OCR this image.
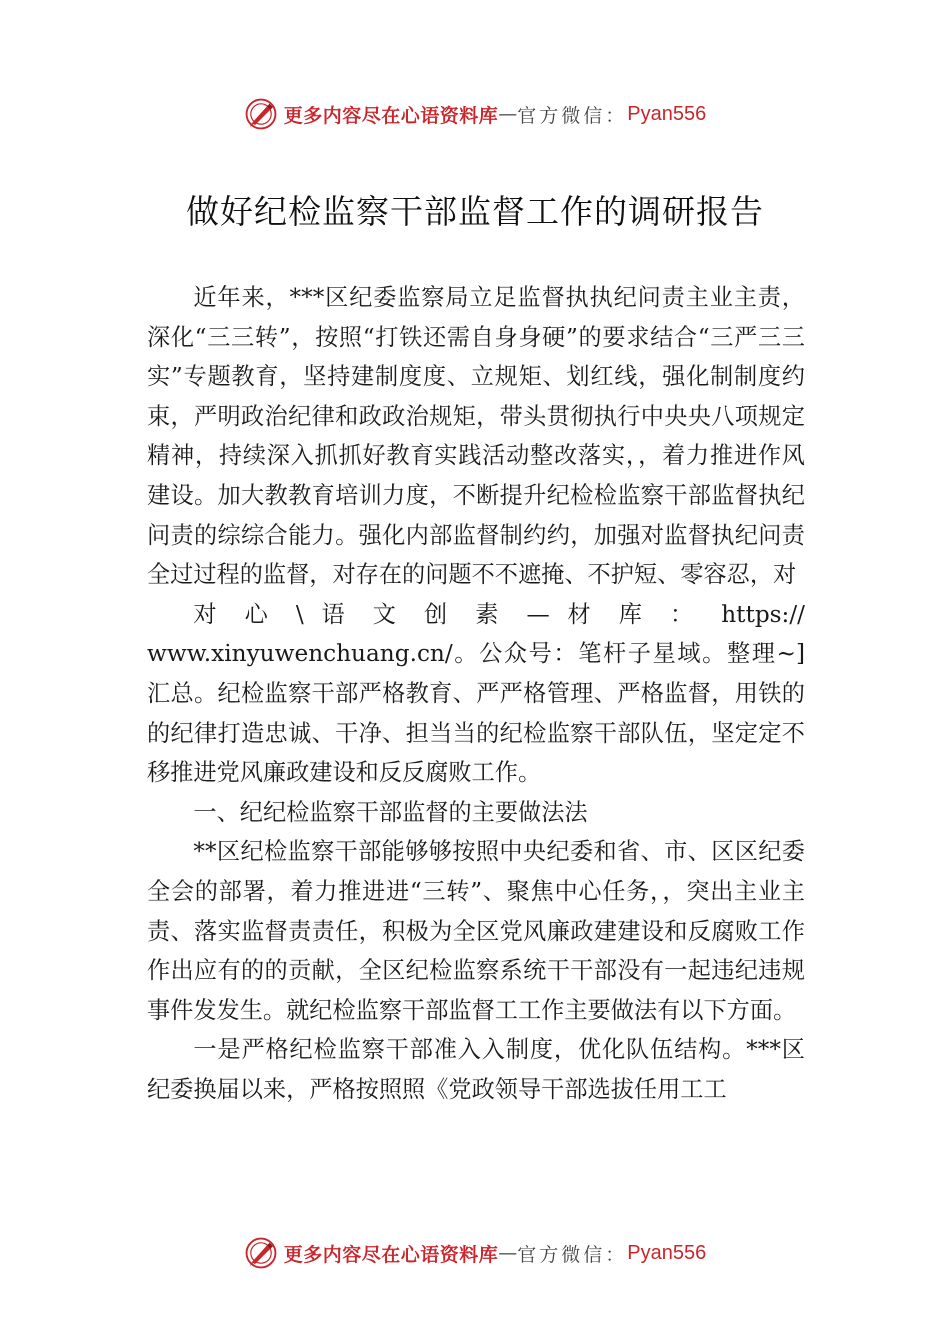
更多内容尽在心语资料库 — 官方微信： Pyan556
做好纪检监察干部监督工作的调研报告

近年来，***区纪委监察局立足监督执执纪问责主业主责，深化“三三转”，按照“打铁还需自身身硬”的要求结合“三严三三实”专题教育，坚持建制度度、立规矩、划红线，强化制制度约束，严明政治纪律和政政治规矩，带头贯彻执行中央央八项规定精神，持续深入抓抓好教育实践活动整改落实，，着力推进作风建设。加大教教育培训力度，不断提升纪检检监察干部监督执纪问责的综综合能力。强化内部监督制约约，加强对监督执纪问责全过过程的监督，对存在的问题不不遮掩、不护短、零容忍，对
对 心 \ 语 文 创 素 — 材 库 ： https://
www.xinyuwenchuang.cn/。公众号：笔杆子星域。整理~]汇总。纪检监察干部严格教育、严严格管理、严格监督，用铁的的纪律打造忠诚、干净、担当当的纪检监察干部队伍，坚定定不移推进党风廉政建设和反反腐败工作。

一、纪纪检监察干部监督的主要做法法

**区纪检监察干部能够够按照中央纪委和省、市、区区纪委全会的部署，着力推进进“三转”、聚焦中心任务，，突出主业主责、落实监督责责任，积极为全区党风廉政建建设和反腐败工作作出应有的的贡献，全区纪检监察系统干干部没有一起违纪违规事件发发生。就纪检监察干部监督工工作主要做法有以下方面。

一是严格纪检监察干部准入入制度，优化队伍结构。***区纪委换届以来，严格按照照《党政领导干部选拔任用工工

更多内容尽在心语资料库 — 官方微信： Pyan556
